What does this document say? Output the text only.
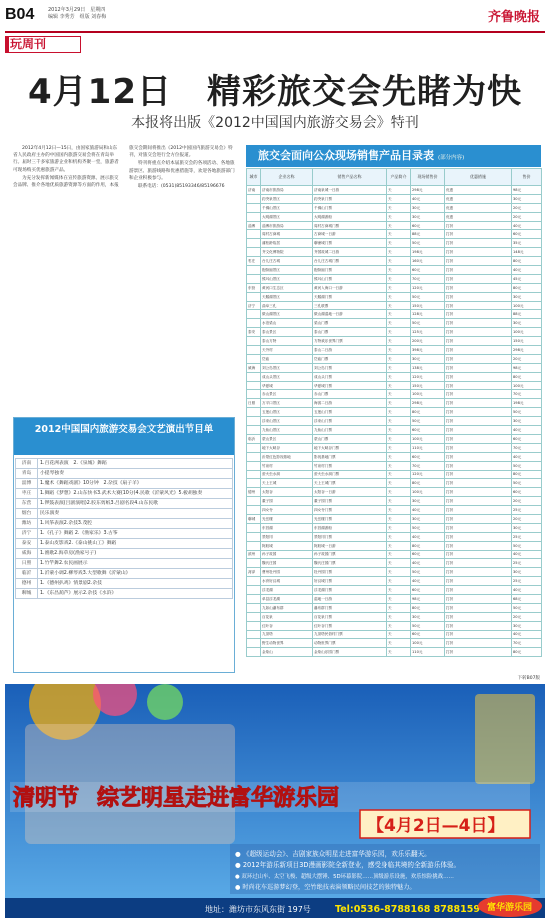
B04	2012年3月29日　星期四
编辑 李秀芳　组版 刘春梅	齐鲁晚报
玩周刊
4月12日　精彩旅交会先睹为快
本报将出版《2012中国国内旅游交易会》特刊

2012年4月12日—15日，由国家旅游局和山东省人民政府主办的中国国内旅游交易会将在青岛举行。届时三千多家旅游企业和机构齐聚一堂，旅游者可现场购买优惠旅游产品。

为充分发挥新闻媒体在宣传旅游资源、展示旅交会品牌、推介各地优质旅游资源等方面的作用，本报旅交会期间将推出《2012中国国内旅游交易会》特刊，对旅交会进行全方位报道。

特刊将重点介绍本届旅交会的各项活动、各地旅游景区、旅游线路和优惠措施等，欢迎各地旅游部门和企业积极参与。

联系电话：(0531)85193346/85196676

2012中国国内旅游交易会文艺演出节目单
济南	1.百花洲表演　2.《泉城》舞蹈
青岛	小提琴独奏
淄博	1.魔术《舞蹈戏剧》10分钟　2.杂技《扇子羊》
枣庄	1.舞蹈《梦想》2.山东快书3.武术大赛(10分)4.民歌《沂蒙风光》5.板胡独奏
东营	1.锣鼓表演(吕剧演唱)2.胶东剪纸3.吕剧名段4.山东民歌
烟台	民乐演奏
潍坊	1.风筝表演2.杂技3.茂腔
济宁	1.《孔子》舞蹈 2.《渔家乐》3.古筝
泰安	1.泰山皮影戏2.《泰山挑山工》舞蹈
威海	1.渔歌2.海草房(渔家号子)
日照	1.竹竿舞2.农民画展示
临沂	1.沂蒙小调2.柳琴戏3.大型歌舞《沂蒙山》
德州	1.《德州扒鸡》情景剧2.杂技
聊城	1.《东昌葫芦》展示2.杂技《水浒》
旅交会面向公众现场销售产品目录表 (部分内容)
城市	企业名称	销售产品名称	产品简介	现场销售价	优惠措施	售价
济南	济南市旅游局	济南泉城一日游	天	298元	优惠	98元
	趵突泉景区	趵突泉门票	天	40元	优惠	30元
	千佛山景区	千佛山门票	天	30元	优惠	20元
	大明湖景区	大明湖游船	天	30元	优惠	20元
淄博	淄博市旅游局	周村古商城门票	天	60元	打折	40元
	周村古商城	古商城一日游	天	88元	打折	60元
	蒲松龄故居	聊斋城门票	天	50元	打折	35元
	齐文化博物院	齐国故城二日游	天	198元	打折	148元
枣庄	台儿庄古城	台儿庄古城门票	天	160元	打折	80元
	抱犊崮景区	抱犊崮门票	天	60元	打折	40元
	熊耳山景区	熊耳山门票	天	70元	打折	45元
东营	黄河口生态区	黄河入海口一日游	天	120元	打折	80元
	天鹅湖景区	天鹅湖门票	天	50元	打折	30元
济宁	曲阜三孔	三孔联票	天	150元	打折	100元
	微山湖景区	微山湖湿地一日游	天	128元	打折	88元
	水泊梁山	梁山门票	天	50元	打折	30元
泰安	泰山景区	泰山门票	天	125元	打折	100元
	泰山方特	方特欢乐世界门票	天	200元	打折	150元
	天外村	泰山二日游	天	398元	打折	298元
	岱庙	岱庙门票	天	30元	打折	20元
威海	刘公岛景区	刘公岛门票	天	138元	打折	98元
	成山头景区	成山头门票	天	120元	打折	80元
	华夏城	华夏城门票	天	150元	打折	100元
	赤山景区	赤山门票	天	100元	打折	70元
日照	万平口景区	海滨二日游	天	298元	打折	198元
	五莲山景区	五莲山门票	天	80元	打折	50元
	浮来山景区	浮来山门票	天	50元	打折	30元
	九仙山景区	九仙山门票	天	60元	打折	40元
临沂	蒙山景区	蒙山门票	天	100元	打折	60元
	地下大峡谷	地下大峡谷门票	天	110元	打折	70元
	沂蒙红色影视基地	影视基地门票	天	60元	打折	40元
	竹泉村	竹泉村门票	天	70元	打折	50元
	萤火虫水洞	萤火虫水洞门票	天	120元	打折	80元
	天上王城	天上王城门票	天	80元	打折	50元
德州	太阳谷	太阳谷一日游	天	100元	打折	60元
	董子园	董子园门票	天	30元	打折	20元
	四女寺	四女寺门票	天	40元	打折	25元
聊城	光岳楼	光岳楼门票	天	30元	打折	20元
	东昌湖	东昌湖游船	天	50元	打折	30元
	景阳冈	景阳冈门票	天	40元	打折	25元
	阿胶城	阿胶城一日游	天	80元	打折	50元
滨州	孙子故园	孙子故园门票	天	60元	打折	40元
	魏氏庄园	魏氏庄园门票	天	40元	打折	25元
菏泽	曹州牡丹园	牡丹园门票	天	50元	打折	30元
	水浒好汉城	好汉城门票	天	40元	打折	25元
	浮龙湖	浮龙湖门票	天	60元	打折	40元
	单县浮龙湖	湿地一日游	天	98元	打折	68元
	九如山瀑布群	瀑布群门票	天	80元	打折	50元
	百花泉	百花泉门票	天	30元	打折	20元
	红叶谷	红叶谷门票	天	50元	打折	30元
	九顶塔	九顶塔民俗村门票	天	60元	打折	40元
	野生动物世界	动物世界门票	天	100元	打折	70元
	金象山	金象山乐园门票	天	110元	打折	80元
下转B07版
清明节 综艺明星走进富华游乐园
【4月2日—4日】
● 《超级运动会》、吉剧家族众明星走进富华游乐园，欢乐乐翻天。
● 2012年游乐新项目3D漫画影院全新登业，感受身临其境的全新游乐体验。
● 双环过山车、太空飞梭、超级大摆锤、5D环幕影院……顶级游乐设施，欢乐惊险挑战……
● 时尚花车巡游梦幻登，空竹绝技表演领略民间技艺的独特魅力。
地址：潍坊市东风东街 197号	Tel:0536-8788168 8788159 富华游乐园
